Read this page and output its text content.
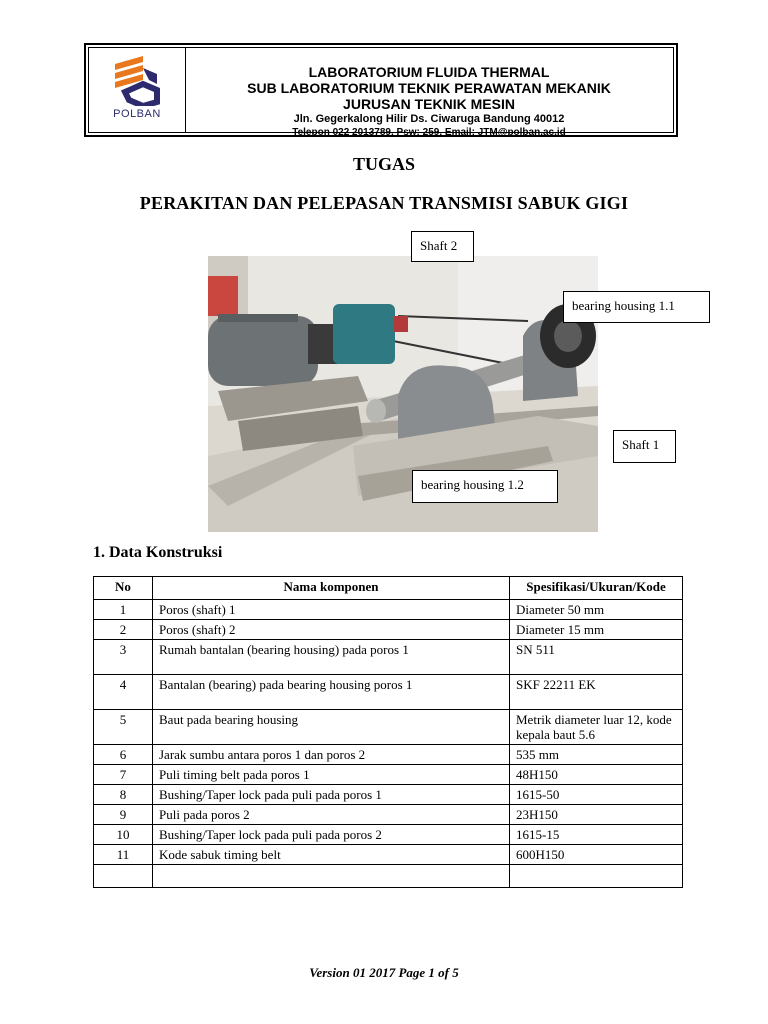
POLBAN
LABORATORIUM FLUIDA THERMAL
SUB LABORATORIUM TEKNIK PERAWATAN MEKANIK
JURUSAN TEKNIK MESIN
Jln. Gegerkalong Hilir Ds. Ciwaruga Bandung 40012
Telepon 022 2013789, Psw: 259, Email: JTM@polban.ac.id
TUGAS
PERAKITAN DAN PELEPASAN TRANSMISI SABUK GIGI
Shaft 2
bearing housing 1.1
Shaft 1
bearing housing 1.2
1. Data Konstruksi
No	Nama komponen	Spesifikasi/Ukuran/Kode
1	Poros (shaft) 1	Diameter 50 mm
2	Poros (shaft) 2	Diameter 15 mm
3	Rumah bantalan (bearing housing) pada poros 1	SN 511
4	Bantalan (bearing) pada bearing housing poros 1	SKF 22211 EK
5	Baut pada bearing housing	Metrik diameter luar 12, kode kepala baut 5.6
6	Jarak sumbu antara poros 1 dan poros 2	535 mm
7	Puli timing belt pada poros 1	48H150
8	Bushing/Taper lock pada puli pada poros 1	1615-50
9	Puli pada poros 2	23H150
10	Bushing/Taper lock pada puli pada poros 2	1615-15
11	Kode sabuk timing belt	600H150

Version 01 2017 Page 1 of 5
